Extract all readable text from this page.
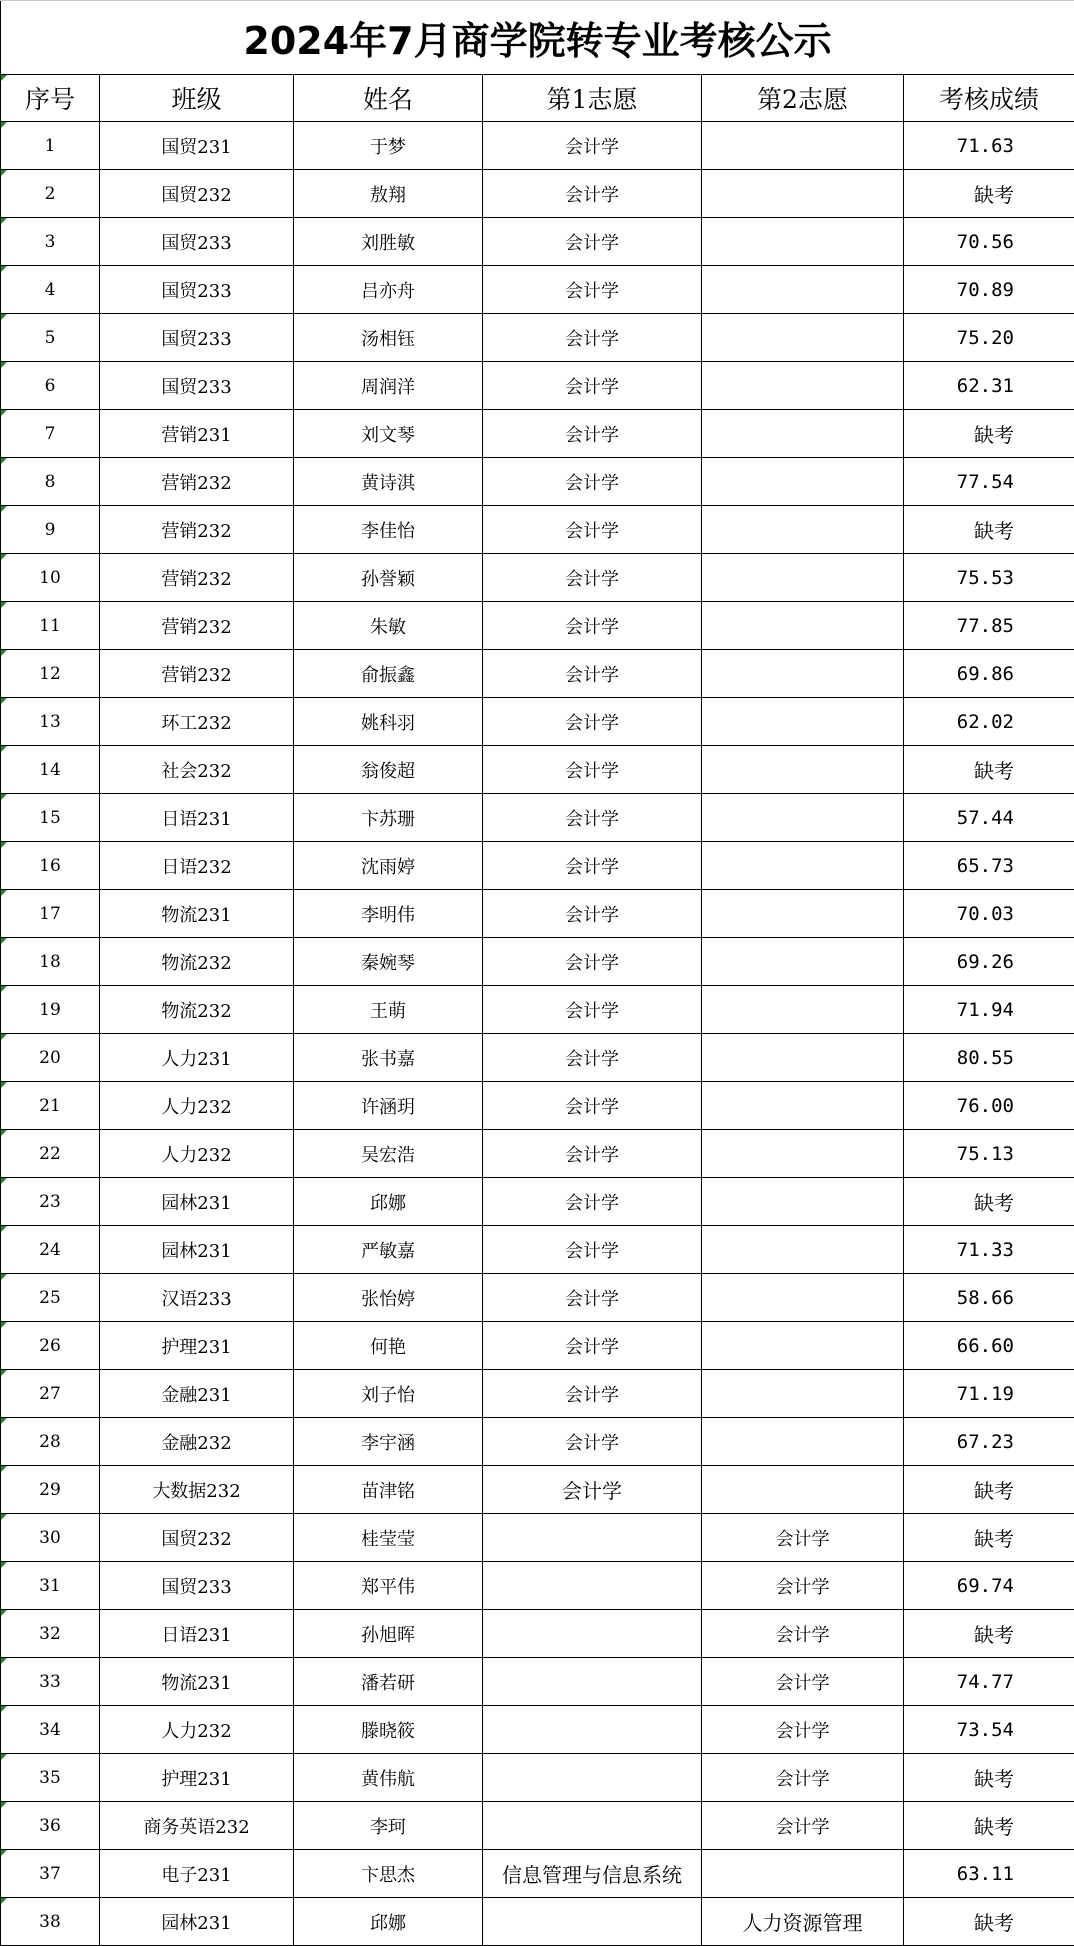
2024年7月商学院转专业考核公示					
序号	班级	姓名	第1志愿	第2志愿	考核成绩
1	国贸231	于梦	会计学		71.63
2	国贸232	敖翔	会计学		缺考
3	国贸233	刘胜敏	会计学		70.56
4	国贸233	吕亦舟	会计学		70.89
5	国贸233	汤相钰	会计学		75.20
6	国贸233	周润洋	会计学		62.31
7	营销231	刘文琴	会计学		缺考
8	营销232	黄诗淇	会计学		77.54
9	营销232	李佳怡	会计学		缺考
10	营销232	孙誉颖	会计学		75.53
11	营销232	朱敏	会计学		77.85
12	营销232	俞振鑫	会计学		69.86
13	环工232	姚科羽	会计学		62.02
14	社会232	翁俊超	会计学		缺考
15	日语231	卞苏珊	会计学		57.44
16	日语232	沈雨婷	会计学		65.73
17	物流231	李明伟	会计学		70.03
18	物流232	秦婉琴	会计学		69.26
19	物流232	王萌	会计学		71.94
20	人力231	张书嘉	会计学		80.55
21	人力232	许涵玥	会计学		76.00
22	人力232	吴宏浩	会计学		75.13
23	园林231	邱娜	会计学		缺考
24	园林231	严敏嘉	会计学		71.33
25	汉语233	张怡婷	会计学		58.66
26	护理231	何艳	会计学		66.60
27	金融231	刘子怡	会计学		71.19
28	金融232	李宇涵	会计学		67.23
29	大数据232	苗津铭	会计学		缺考
30	国贸232	桂莹莹		会计学	缺考
31	国贸233	郑平伟		会计学	69.74
32	日语231	孙旭晖		会计学	缺考
33	物流231	潘若研		会计学	74.77
34	人力232	滕晓筱		会计学	73.54
35	护理231	黄伟航		会计学	缺考
36	商务英语232	李珂		会计学	缺考
37	电子231	卞思杰	信息管理与信息系统		63.11
38	园林231	邱娜		人力资源管理	缺考
